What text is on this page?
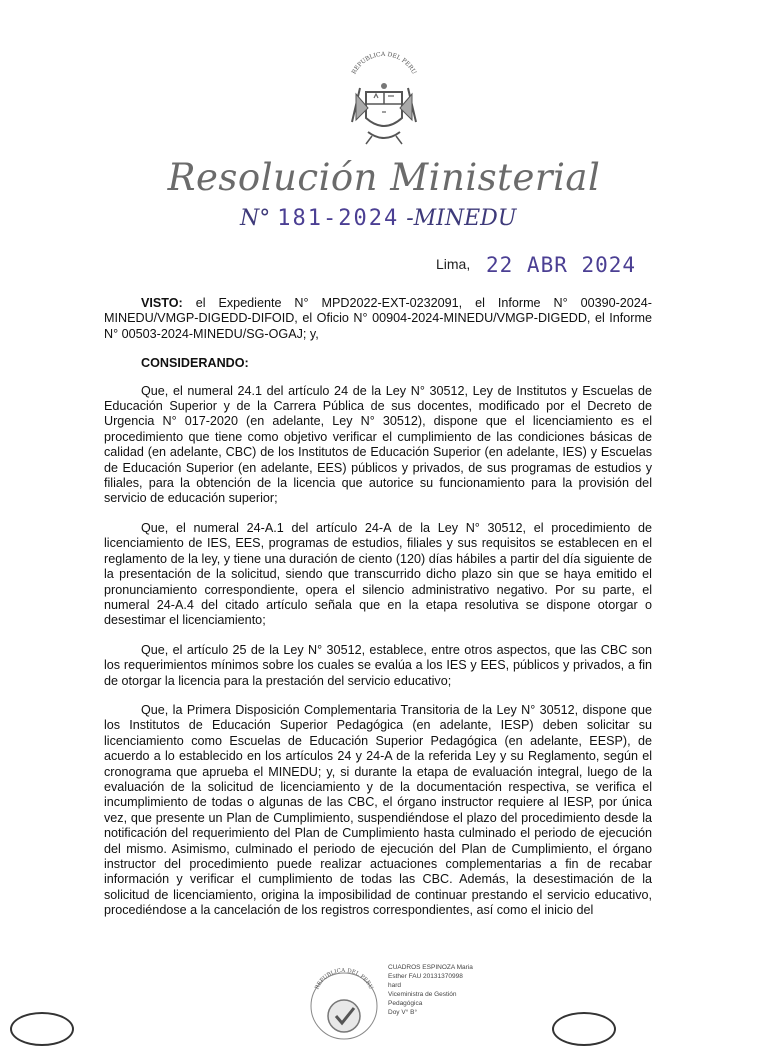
REPUBLICA DEL PERU
Resolución Ministerial
N° 181-2024 -MINEDU
Lima, 22 ABR 2024

VISTO: el Expediente N° MPD2022-EXT-0232091, el Informe N° 00390-2024-MINEDU/VMGP-DIGEDD-DIFOID, el Oficio N° 00904-2024-MINEDU/VMGP-DIGEDD, el Informe N° 00503-2024-MINEDU/SG-OGAJ; y,

CONSIDERANDO:

Que, el numeral 24.1 del artículo 24 de la Ley N° 30512, Ley de Institutos y Escuelas de Educación Superior y de la Carrera Pública de sus docentes, modificado por el Decreto de Urgencia N° 017-2020 (en adelante, Ley N° 30512), dispone que el licenciamiento es el procedimiento que tiene como objetivo verificar el cumplimiento de las condiciones básicas de calidad (en adelante, CBC) de los Institutos de Educación Superior (en adelante, IES) y Escuelas de Educación Superior (en adelante, EES) públicos y privados, de sus programas de estudios y filiales, para la obtención de la licencia que autorice su funcionamiento para la provisión del servicio de educación superior;

Que, el numeral 24-A.1 del artículo 24-A de la Ley N° 30512, el procedimiento de licenciamiento de IES, EES, programas de estudios, filiales y sus requisitos se establecen en el reglamento de la ley, y tiene una duración de ciento (120) días hábiles a partir del día siguiente de la presentación de la solicitud, siendo que transcurrido dicho plazo sin que se haya emitido el pronunciamiento correspondiente, opera el silencio administrativo negativo. Por su parte, el numeral 24-A.4 del citado artículo señala que en la etapa resolutiva se dispone otorgar o desestimar el licenciamiento;

Que, el artículo 25 de la Ley N° 30512, establece, entre otros aspectos, que las CBC son los requerimientos mínimos sobre los cuales se evalúa a los IES y EES, públicos y privados, a fin de otorgar la licencia para la prestación del servicio educativo;

Que, la Primera Disposición Complementaria Transitoria de la Ley N° 30512, dispone que los Institutos de Educación Superior Pedagógica (en adelante, IESP) deben solicitar su licenciamiento como Escuelas de Educación Superior Pedagógica (en adelante, EESP), de acuerdo a lo establecido en los artículos 24 y 24-A de la referida Ley y su Reglamento, según el cronograma que aprueba el MINEDU; y, si durante la etapa de evaluación integral, luego de la evaluación de la solicitud de licenciamiento y de la documentación respectiva, se verifica el incumplimiento de todas o algunas de las CBC, el órgano instructor requiere al IESP, por única vez, que presente un Plan de Cumplimiento, suspendiéndose el plazo del procedimiento desde la notificación del requerimiento del Plan de Cumplimiento hasta culminado el periodo de ejecución del mismo. Asimismo, culminado el periodo de ejecución del Plan de Cumplimiento, el órgano instructor del procedimiento puede realizar actuaciones complementarias a fin de recabar información y verificar el cumplimiento de todas las CBC. Además, la desestimación de la solicitud de licenciamiento, origina la imposibilidad de continuar prestando el servicio educativo, procediéndose a la cancelación de los registros correspondientes, así como el inicio del

REPUBLICA DEL PERU
CUADROS ESPINOZA Maria
Esther FAU 20131370998
hard
Viceministra de Gestión
Pedagógica
Doy V° B°
